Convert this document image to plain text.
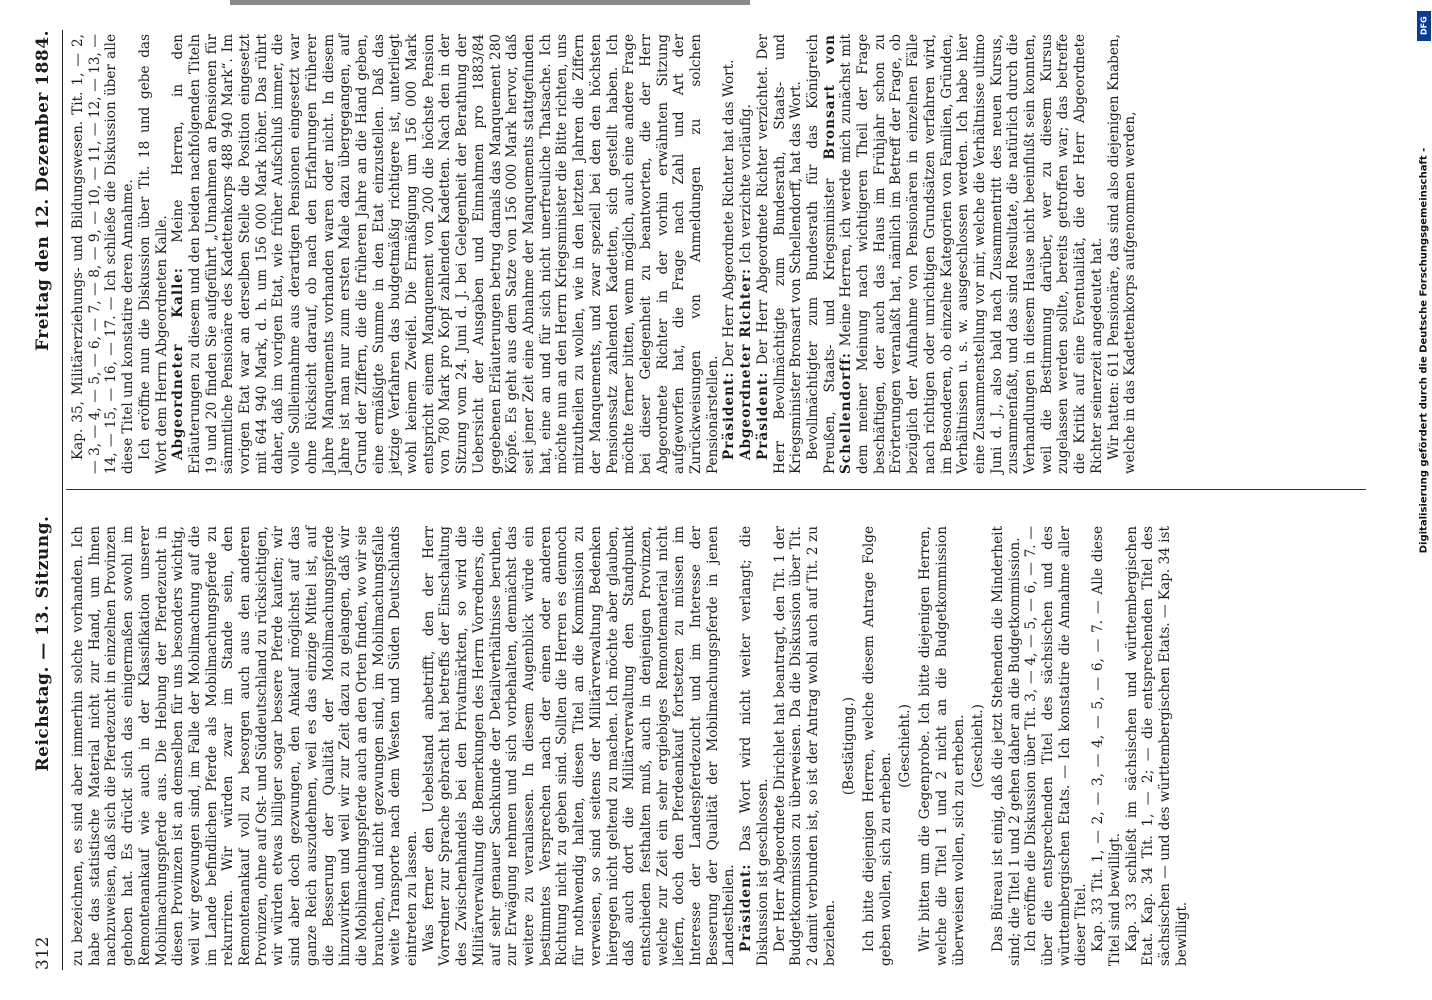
DFG
Digitalisierung gefördert durch die Deutsche Forschungsgemeinschaft -
312
Reichstag. — 13. Sitzung.
Freitag den 12. Dezember 1884.

zu bezeichnen, es sind aber immerhin solche vorhanden. Ich habe das statistische Material nicht zur Hand, um Ihnen nachzuweisen, daß sich die Pferdezucht in einzelnen Provinzen gehoben hat. Es drückt sich das einigermaßen sowohl im Remontenankauf wie auch in der Klassifikation unserer Mobilmachungspferde aus. Die Hebung der Pferdezucht in diesen Provinzen ist an demselben für uns besonders wichtig, weil wir gezwungen sind, im Falle der Mobilmachung auf die im Lande befindlichen Pferde als Mobilmachungspferde zu rekurriren. Wir würden zwar im Stande sein, den Remontenankauf voll zu besorgen auch aus den anderen Provinzen, ohne auf Ost- und Süddeutschland zu rücksichtigen, wir würden etwas billiger sogar bessere Pferde kaufen; wir sind aber doch gezwungen, den Ankauf möglichst auf das ganze Reich auszudehnen, weil es das einzige Mittel ist, auf die Besserung der Qualität der Mobilmachungspferde hinzuwirken und weil wir zur Zeit dazu zu gelangen, daß wir die Mobilmachungspferde auch an den Orten finden, wo wir sie brauchen, und nicht gezwungen sind, im Mobilmachungsfalle weite Transporte nach dem Westen und Süden Deutschlands eintreten zu lassen. Was ferner den Uebelstand anbetrifft, den der Herr Vorredner zur Sprache gebracht hat betreffs der Einschaltung des Zwischenhandels bei den Privatmärkten, so wird die Militärverwaltung die Bemerkungen des Herrn Vorredners, die auf sehr genauer Sachkunde der Detailverhältnisse beruhen, zur Erwägung nehmen und sich vorbehalten, demnächst das weitere zu veranlassen. In diesem Augenblick würde ein bestimmtes Versprechen nach der einen oder anderen Richtung nicht zu geben sind. Sollten die Herren es dennoch für nothwendig halten, diesen Titel an die Kommission zu verweisen, so sind seitens der Militärverwaltung Bedenken hiergegen nicht geltend zu machen. Ich möchte aber glauben, daß auch dort die Militärverwaltung den Standpunkt entschieden festhalten muß, auch in denjenigen Provinzen, welche zur Zeit ein sehr ergiebiges Remontematerial nicht liefern, doch den Pferdeankauf fortsetzen zu müssen im Interesse der Landespferdezucht und im Interesse der Besserung der Qualität der Mobilmachungspferde in jenen Landestheilen. Präsident: Das Wort wird nicht weiter verlangt; die Diskussion ist geschlossen. Der Herr Abgeordnete Dirichlet hat beantragt, den Tit. 1 der Budgetkommission zu überweisen. Da die Diskussion über Tit. 2 damit verbunden ist, so ist der Antrag wohl auch auf Tit. 2 zu beziehen.

(Bestätigung.) Ich bitte diejenigen Herren, welche diesem Antrage Folge geben wollen, sich zu erheben.

(Geschieht.) Wir bitten um die Gegenprobe. Ich bitte diejenigen Herren, welche die Titel 1 und 2 nicht an die Budgetkommission überweisen wollen, sich zu erheben. (Geschieht.) Das Büreau ist einig, daß die jetzt Stehenden die Minderheit sind; die Titel 1 und 2 gehen daher an die Budgetkommission. Ich eröffne die Diskussion über Tit. 3, — 4, — 5, — 6, — 7. — über die entsprechenden Titel des sächsischen und des württembergischen Etats. — Ich konstatire die Annahme aller dieser Titel. Kap. 33 Tit. 1, — 2, — 3, — 4, — 5, — 6, — 7. — Alle diese Titel sind bewilligt. Kap. 33 schließt im sächsischen und württembergischen Etat. Kap. 34 Tit. 1, — 2; — die entsprechenden Titel des sächsischen — und des württembergischen Etats. — Kap. 34 ist bewilligt.

Kap. 35, Militärerziehungs- und Bildungswesen. Tit. 1, — 2, — 3, — 4, — 5, — 6, — 7, — 8, — 9, — 10, — 11, — 12, — 13, — 14, — 15, — 16, — 17. — Ich schließe die Diskussion über alle diese Titel und konstatire deren Annahme. Ich eröffne nun die Diskussion über Tit. 18 und gebe das Wort dem Herrn Abgeordneten Kalle. Abgeordneter Kalle: Meine Herren, in den Erläuterungen zu diesem und den beiden nachfolgenden Titeln 19 und 20 finden Sie aufgeführt „Unnahmen an Pensionen für sämmtliche Pensionäre des Kadettenkorps 488 940 Mark“. Im vorigen Etat war an derselben Stelle die Position eingesetzt mit 644 940 Mark, d. h. um 156 000 Mark höher. Das rührt daher, daß im vorigen Etat, wie früher Aufschluß immer, die volle Sollleinnahme aus derartigen Pensionen eingesetzt war ohne Rücksicht darauf, ob nach den Erfahrungen früherer Jahre Manquements vorhanden waren oder nicht. In diesem Jahre ist man nur zum ersten Male dazu übergegangen, auf Grund der Ziffern, die die früheren Jahre an die Hand geben, eine ermäßigte Summe in den Etat einzustellen. Daß das jetzige Verfahren das budgetmäßig richtigere ist, unterliegt wohl keinem Zweifel. Die Ermäßigung um 156 000 Mark entspricht einem Manquement von 200 die höchste Pension von 780 Mark pro Kopf zahlenden Kadetten. Nach den in der Sitzung vom 24. Juni d. J. bei Gelegenheit der Berathung der Uebersicht der Ausgaben und Einnahmen pro 1883/84 gegebenen Erläuterungen betrug damals das Manquement 280 Köpfe. Es geht aus dem Satze von 156 000 Mark hervor, daß seit jener Zeit eine Abnahme der Manquements stattgefunden hat, eine an und für sich nicht unerfreuliche Thatsache. Ich möchte nun an den Herrn Kriegsminister die Bitte richten, uns mitzutheilen zu wollen, wie in den letzten Jahren die Ziffern der Manquements, und zwar speziell bei den den höchsten Pensionssatz zahlenden Kadetten, sich gestellt haben. Ich möchte ferner bitten, wenn möglich, auch eine andere Frage bei dieser Gelegenheit zu beantworten, die der Herr Abgeordnete Richter in der vorhin erwähnten Sitzung aufgeworfen hat, die Frage nach Zahl und Art der Zurückweisungen von Anmeldungen zu solchen Pensionärstellen. Präsident: Der Herr Abgeordnete Richter hat das Wort. Abgeordneter Richter: Ich verzichte vorläufig.

Präsident: Der Herr Abgeordnete Richter verzichtet. Der Herr Bevollmächtigte zum Bundesrath, Staats- und Kriegsminister Bronsart von Schellendorff, hat das Wort. Bevollmächtigter zum Bundesrath für das Königreich Preußen, Staats- und Kriegsminister Bronsart von Schellendorff: Meine Herren, ich werde mich zunächst mit dem meiner Meinung nach wichtigeren Theil der Frage beschäftigen, der auch das Haus im Frühjahr schon zu Erörterungen veranlaßt hat, nämlich im Betreff der Frage, ob bezüglich der Aufnahme von Pensionären in einzelnen Fälle nach richtigen oder unrichtigen Grundsätzen verfahren wird, im Besonderen, ob einzelne Kategorien von Familien, Gründen, Verhältnissen u. s. w. ausgeschlossen werden. Ich habe hier eine Zusammenstellung vor mir, welche die Verhältnisse ultimo Juni d. J., also bald nach Zusammentritt des neuen Kursus, zusammenfaßt, und das sind Resultate, die natürlich durch die Verhandlungen in diesem Hause nicht beeinflußt sein konnten, weil die Bestimmung darüber, wer zu diesem Kursus zugelassen werden sollte, bereits getroffen war; das betreffe die Kritik auf eine Eventualität, die der Herr Abgeordnete Richter seinerzeit angedeutet hat. Wir hatten: 611 Pensionäre, das sind also diejenigen Knaben, welche in das Kadettenkorps aufgenommen werden,
